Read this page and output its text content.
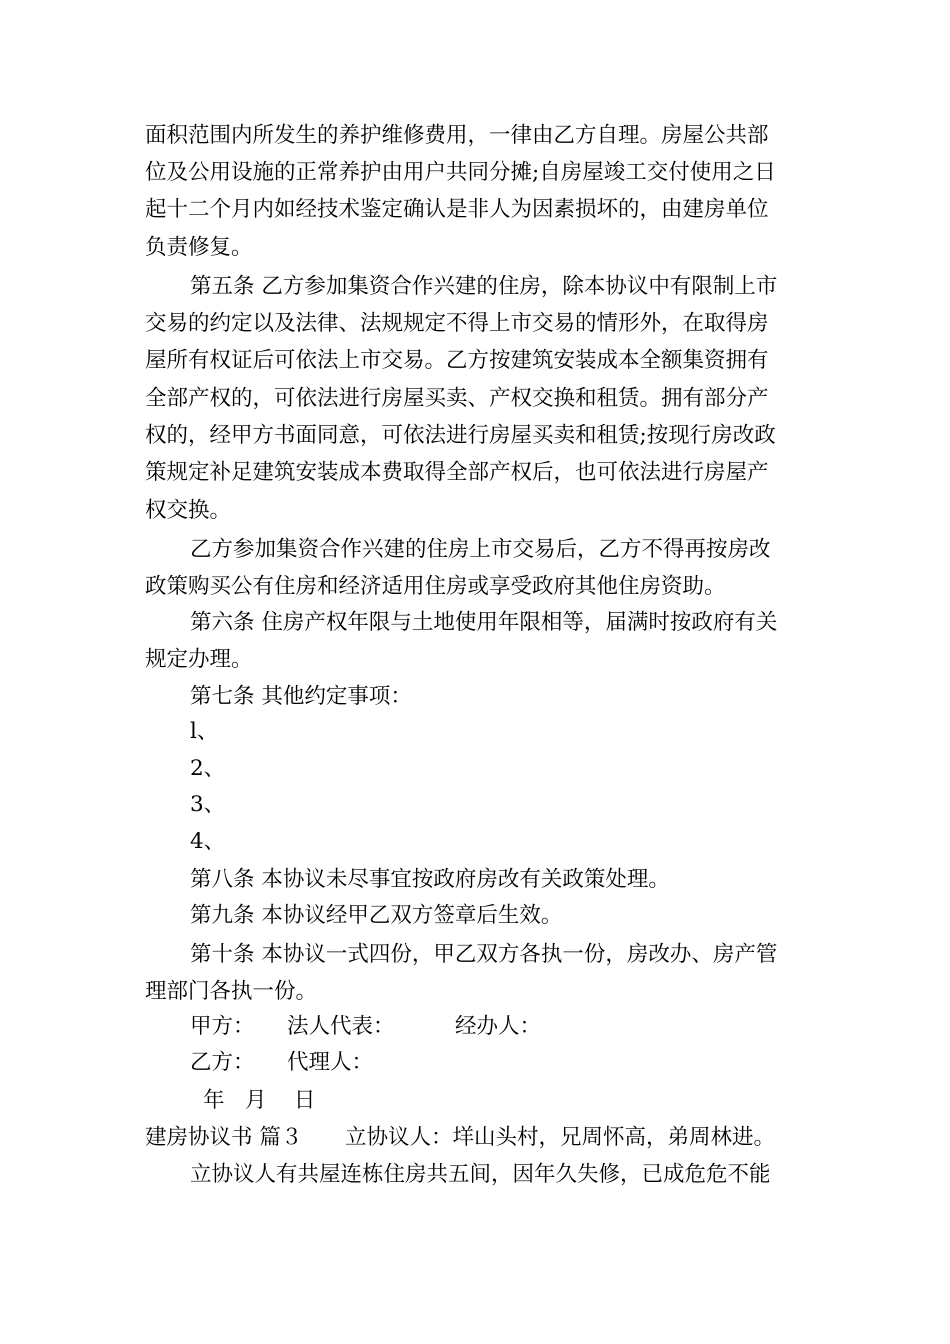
面积范围内所发生的养护维修费用，一律由乙方自理。房屋公共部
位及公用设施的正常养护由用户共同分摊;自房屋竣工交付使用之日
起十二个月内如经技术鉴定确认是非人为因素损坏的，由建房单位
负责修复。
第五条 乙方参加集资合作兴建的住房，除本协议中有限制上市
交易的约定以及法律、法规规定不得上市交易的情形外，在取得房
屋所有权证后可依法上市交易。乙方按建筑安装成本全额集资拥有
全部产权的，可依法进行房屋买卖、产权交换和租赁。拥有部分产
权的，经甲方书面同意，可依法进行房屋买卖和租赁;按现行房改政
策规定补足建筑安装成本费取得全部产权后，也可依法进行房屋产
权交换。
乙方参加集资合作兴建的住房上市交易后，乙方不得再按房改
政策购买公有住房和经济适用住房或享受政府其他住房资助。
第六条 住房产权年限与土地使用年限相等，届满时按政府有关
规定办理。
第七条 其他约定事项：
l、
2、
3、
4、
第八条 本协议未尽事宜按政府房改有关政策处理。
第九条 本协议经甲乙双方签章后生效。
第十条 本协议一式四份，甲乙双方各执一份，房改办、房产管
理部门各执一份。

甲方：

法人代表：

	经办人：

乙方：

代理人：

年   月    日

建房协议书 篇３

立协议人：垟山头村，兄周怀高，弟周林进。

立协议人有共屋连栋住房共五间，因年久失修，已成危危不能
